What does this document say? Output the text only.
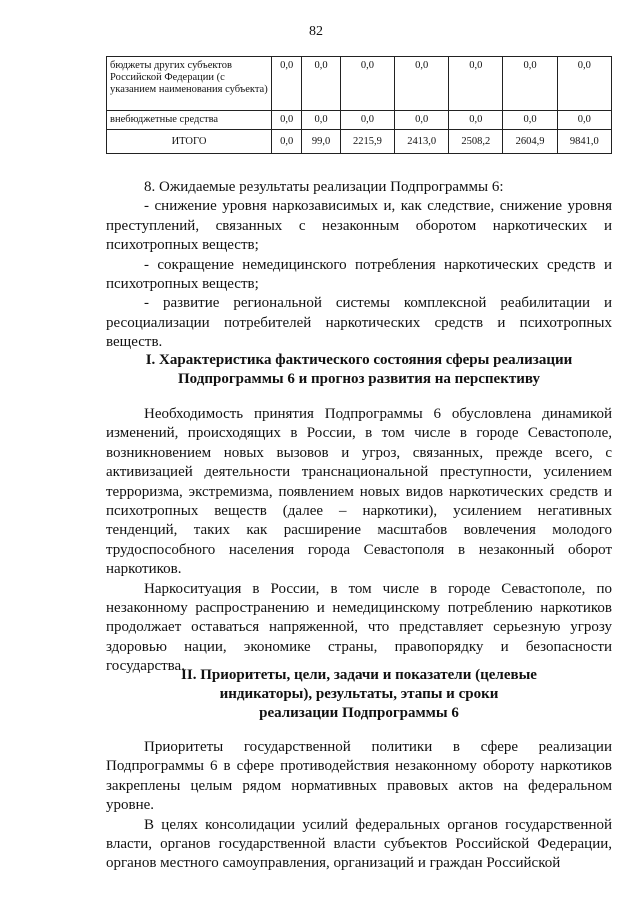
82
бюджеты других субъектов Российской Федерации (с указанием наименования субъекта)	0,0	0,0	0,0	0,0	0,0	0,0	0,0
внебюджетные средства	0,0	0,0	0,0	0,0	0,0	0,0	0,0
ИТОГО	0,0	99,0	2215,9	2413,0	2508,2	2604,9	9841,0

8. Ожидаемые результаты реализации Подпрограммы 6:

- снижение уровня наркозависимых и, как следствие, снижение уровня преступлений, связанных с незаконным оборотом наркотических и психотропных веществ;

- сокращение немедицинского потребления наркотических средств и психотропных веществ;

- развитие региональной системы комплексной реабилитации и ресоциализации потребителей наркотических средств и психотропных веществ.

I. Характеристика фактического состояния сферы реализации
Подпрограммы 6 и прогноз развития на перспективу

Необходимость принятия Подпрограммы 6 обусловлена динамикой изменений, происходящих в России, в том числе в городе Севастополе, возникновением новых вызовов и угроз, связанных, прежде всего, с активизацией деятельности транснациональной преступности, усилением терроризма, экстремизма, появлением новых видов наркотических средств и психотропных веществ (далее – наркотики), усилением негативных тенденций, таких как расширение масштабов вовлечения молодого трудоспособного населения города Севастополя в незаконный оборот наркотиков.

Наркоситуация в России, в том числе в городе Севастополе, по незаконному распространению и немедицинскому потреблению наркотиков продолжает оставаться напряженной, что представляет серьезную угрозу здоровью нации, экономике страны, правопорядку и безопасности государства.

II. Приоритеты, цели, задачи и показатели (целевые
индикаторы), результаты, этапы и сроки
реализации Подпрограммы 6

Приоритеты государственной политики в сфере реализации Подпрограммы 6 в сфере противодействия незаконному обороту наркотиков закреплены целым рядом нормативных правовых актов на федеральном уровне.

В целях консолидации усилий федеральных органов государственной власти, органов государственной власти субъектов Российской Федерации, органов местного самоуправления, организаций и граждан Российской
